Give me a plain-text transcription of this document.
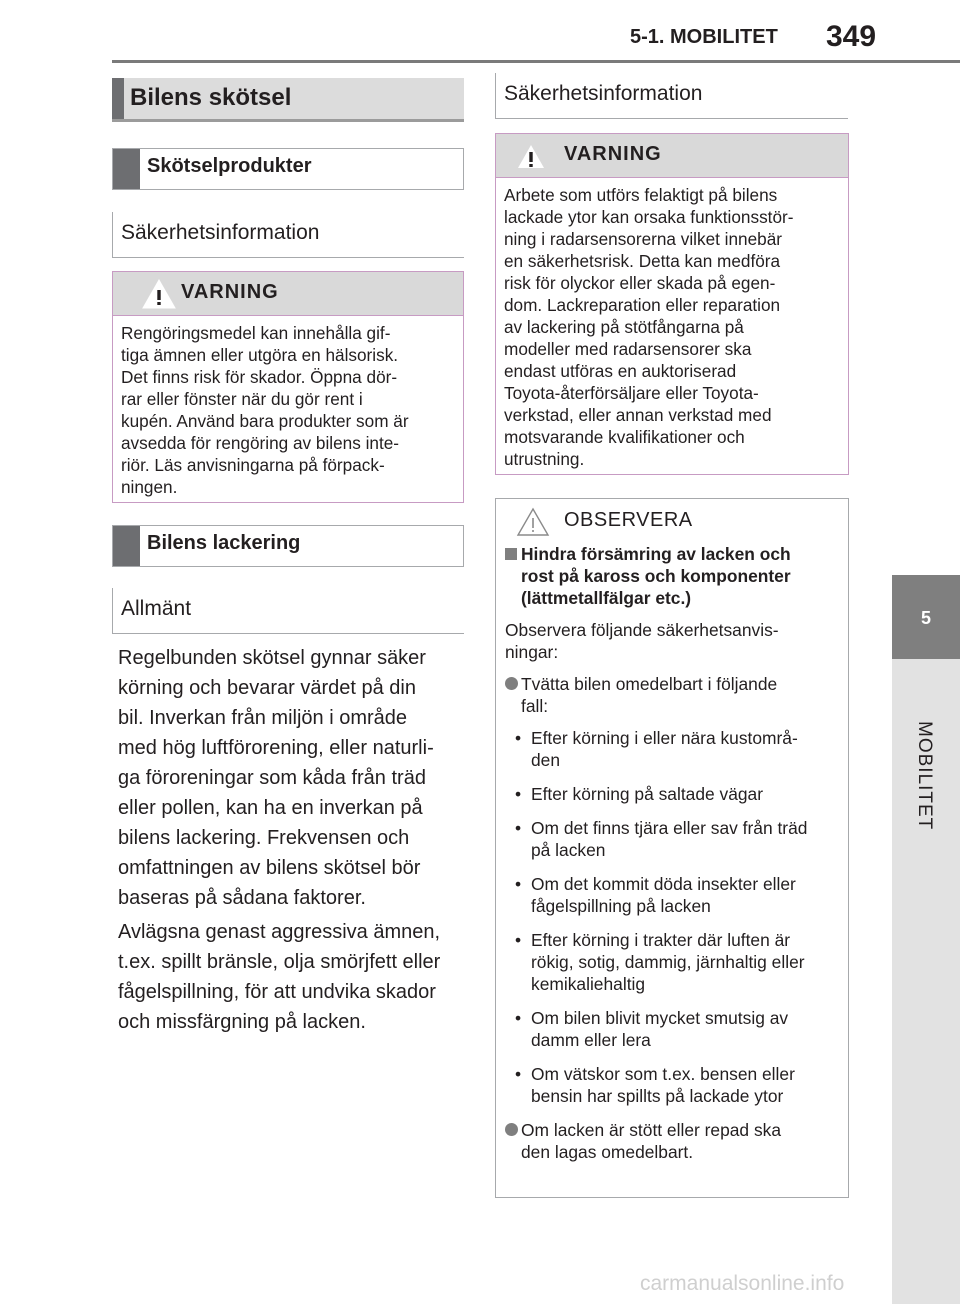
5-1. MOBILITET 349
5
MOBILITET
Bilens skötsel
Skötselprodukter
Säkerhetsinformation
VARNING
Rengöringsmedel kan innehålla gif-
tiga ämnen eller utgöra en hälsorisk.
Det finns risk för skador. Öppna dör-
rar eller fönster när du gör rent i
kupén. Använd bara produkter som är
avsedda för rengöring av bilens inte-
riör. Läs anvisningarna på förpack-
ningen.
Bilens lackering
Allmänt
Regelbunden skötsel gynnar säker
körning och bevarar värdet på din
bil. Inverkan från miljön i område
med hög luftförorening, eller naturli-
ga föroreningar som kåda från träd
eller pollen, kan ha en inverkan på
bilens lackering. Frekvensen och
omfattningen av bilens skötsel bör
baseras på sådana faktorer.
Avlägsna genast aggressiva ämnen,
t.ex. spillt bränsle, olja smörjfett eller
fågelspillning, för att undvika skador
och missfärgning på lacken.
Säkerhetsinformation
VARNING
Arbete som utförs felaktigt på bilens
lackade ytor kan orsaka funktionsstör-
ning i radarsensorerna vilket innebär
en säkerhetsrisk. Detta kan medföra
risk för olyckor eller skada på egen-
dom. Lackreparation eller reparation
av lackering på stötfångarna på
modeller med radarsensorer ska
endast utföras en auktoriserad
Toyota-återförsäljare eller Toyota-
verkstad, eller annan verkstad med
motsvarande kvalifikationer och
utrustning.
OBSERVERA

Hindra försämring av lacken och
rost på kaross och komponenter
(lättmetallfälgar etc.)

Observera följande säkerhetsanvis-
ningar:

Tvätta bilen omedelbart i följande
fall:

• Efter körning i eller nära kustområ-
den
• Efter körning på saltade vägar
• Om det finns tjära eller sav från träd
på lacken
• Om det kommit döda insekter eller
fågelspillning på lacken
• Efter körning i trakter där luften är
rökig, sotig, dammig, järnhaltig eller
kemikaliehaltig
• Om bilen blivit mycket smutsig av
damm eller lera
• Om vätskor som t.ex. bensen eller
bensin har spillts på lackade ytor

Om lacken är stött eller repad ska
den lagas omedelbart.

carmanualsonline.info
